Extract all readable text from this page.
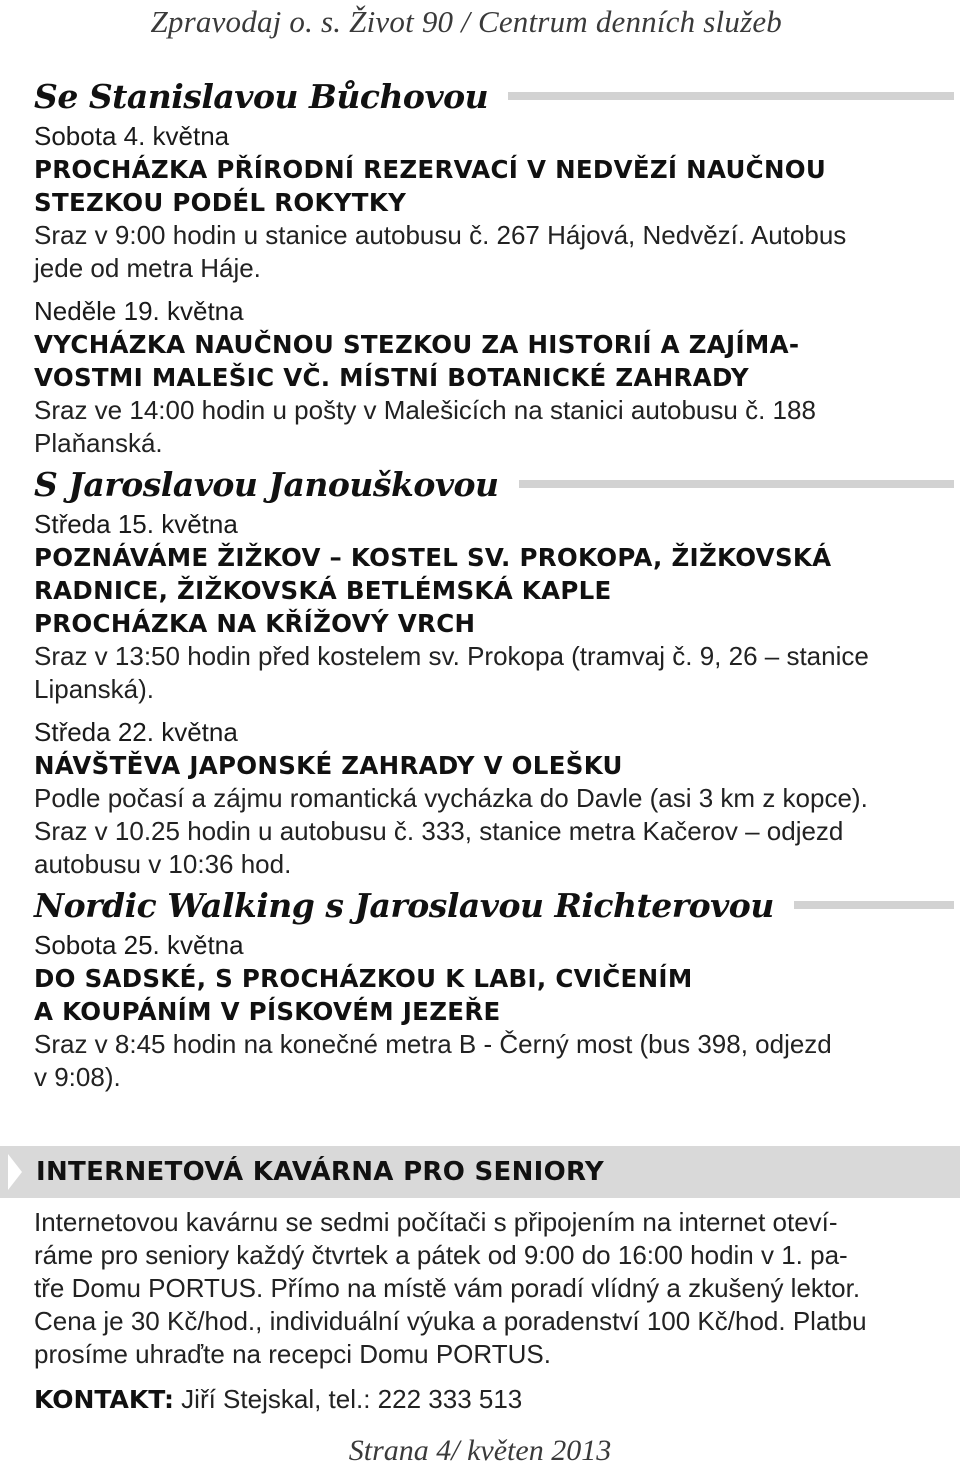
Zpravodaj o. s. Život 90 / Centrum denních služeb
Se Stanislavou Bůchovou
Sobota 4. května
PROCHÁZKA PŘÍRODNÍ REZERVACÍ V NEDVĚZÍ NAUČNOU
STEZKOU PODÉL ROKYTKY
Sraz v 9:00 hodin u stanice autobusu č. 267 Hájová, Nedvězí. Autobus
jede od metra Háje.
Neděle 19. května
VYCHÁZKA NAUČNOU STEZKOU ZA HISTORIÍ A ZAJÍMA-
VOSTMI MALEŠIC VČ. MÍSTNÍ BOTANICKÉ ZAHRADY
Sraz ve 14:00 hodin u pošty v Malešicích na stanici autobusu č. 188
Plaňanská.
S Jaroslavou Janouškovou
Středa 15. května
POZNÁVÁME ŽIŽKOV – KOSTEL SV. PROKOPA, ŽIŽKOVSKÁ
RADNICE, ŽIŽKOVSKÁ BETLÉMSKÁ KAPLE
PROCHÁZKA NA KŘÍŽOVÝ VRCH
Sraz v 13:50 hodin před kostelem sv. Prokopa (tramvaj č. 9, 26 – stanice
Lipanská).
Středa 22. května
NÁVŠTĚVA JAPONSKÉ ZAHRADY V OLEŠKU
Podle počasí a zájmu romantická vycházka do Davle (asi 3 km z kopce).
Sraz v 10.25 hodin u autobusu č. 333, stanice metra Kačerov – odjezd
autobusu v 10:36 hod.
Nordic Walking s Jaroslavou Richterovou
Sobota 25. května
DO SADSKÉ, S PROCHÁZKOU K LABI, CVIČENÍM
A KOUPÁNÍM V PÍSKOVÉM JEZEŘE
Sraz v 8:45 hodin na konečné metra B - Černý most (bus 398, odjezd
v 9:08).
INTERNETOVÁ KAVÁRNA PRO SENIORY
Internetovou kavárnu se sedmi počítači s připojením na internet oteví-
ráme pro seniory každý čtvrtek a pátek od 9:00 do 16:00 hodin v 1. pa-
tře Domu PORTUS. Přímo na místě vám poradí vlídný a zkušený lektor.
Cena je 30 Kč/hod., individuální výuka a poradenství 100 Kč/hod. Platbu
prosíme uhraďte na recepci Domu PORTUS.
KONTAKT: Jiří Stejskal, tel.: 222 333 513
Strana 4/ květen 2013
